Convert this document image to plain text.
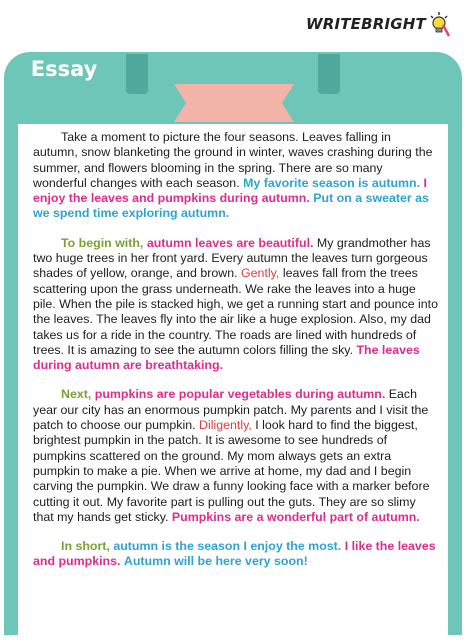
WRITEBRIGHT
Essay

Take a moment to picture the four seasons. Leaves falling in autumn, snow blanketing the ground in winter, waves crashing during the summer, and flowers blooming in the spring. There are so many wonderful changes with each season. My favorite season is autumn. I enjoy the leaves and pumpkins during autumn. Put on a sweater as we spend time exploring autumn.

To begin with, autumn leaves are beautiful. My grandmother has two huge trees in her front yard. Every autumn the leaves turn gorgeous shades of yellow, orange, and brown. Gently, leaves fall from the trees scattering upon the grass underneath. We rake the leaves into a huge pile. When the pile is stacked high, we get a running start and pounce into the leaves. The leaves fly into the air like a huge explosion. Also, my dad takes us for a ride in the country. The roads are lined with hundreds of trees. It is amazing to see the autumn colors filling the sky. The leaves during autumn are breathtaking.

Next, pumpkins are popular vegetables during autumn. Each year our city has an enormous pumpkin patch. My parents and I visit the patch to choose our pumpkin. Diligently, I look hard to find the biggest, brightest pumpkin in the patch. It is awesome to see hundreds of pumpkins scattered on the ground. My mom always gets an extra pumpkin to make a pie. When we arrive at home, my dad and I begin carving the pumpkin. We draw a funny looking face with a marker before cutting it out. My favorite part is pulling out the guts. They are so slimy that my hands get sticky. Pumpkins are a wonderful part of autumn.

In short, autumn is the season I enjoy the most. I like the leaves and pumpkins. Autumn will be here very soon!
